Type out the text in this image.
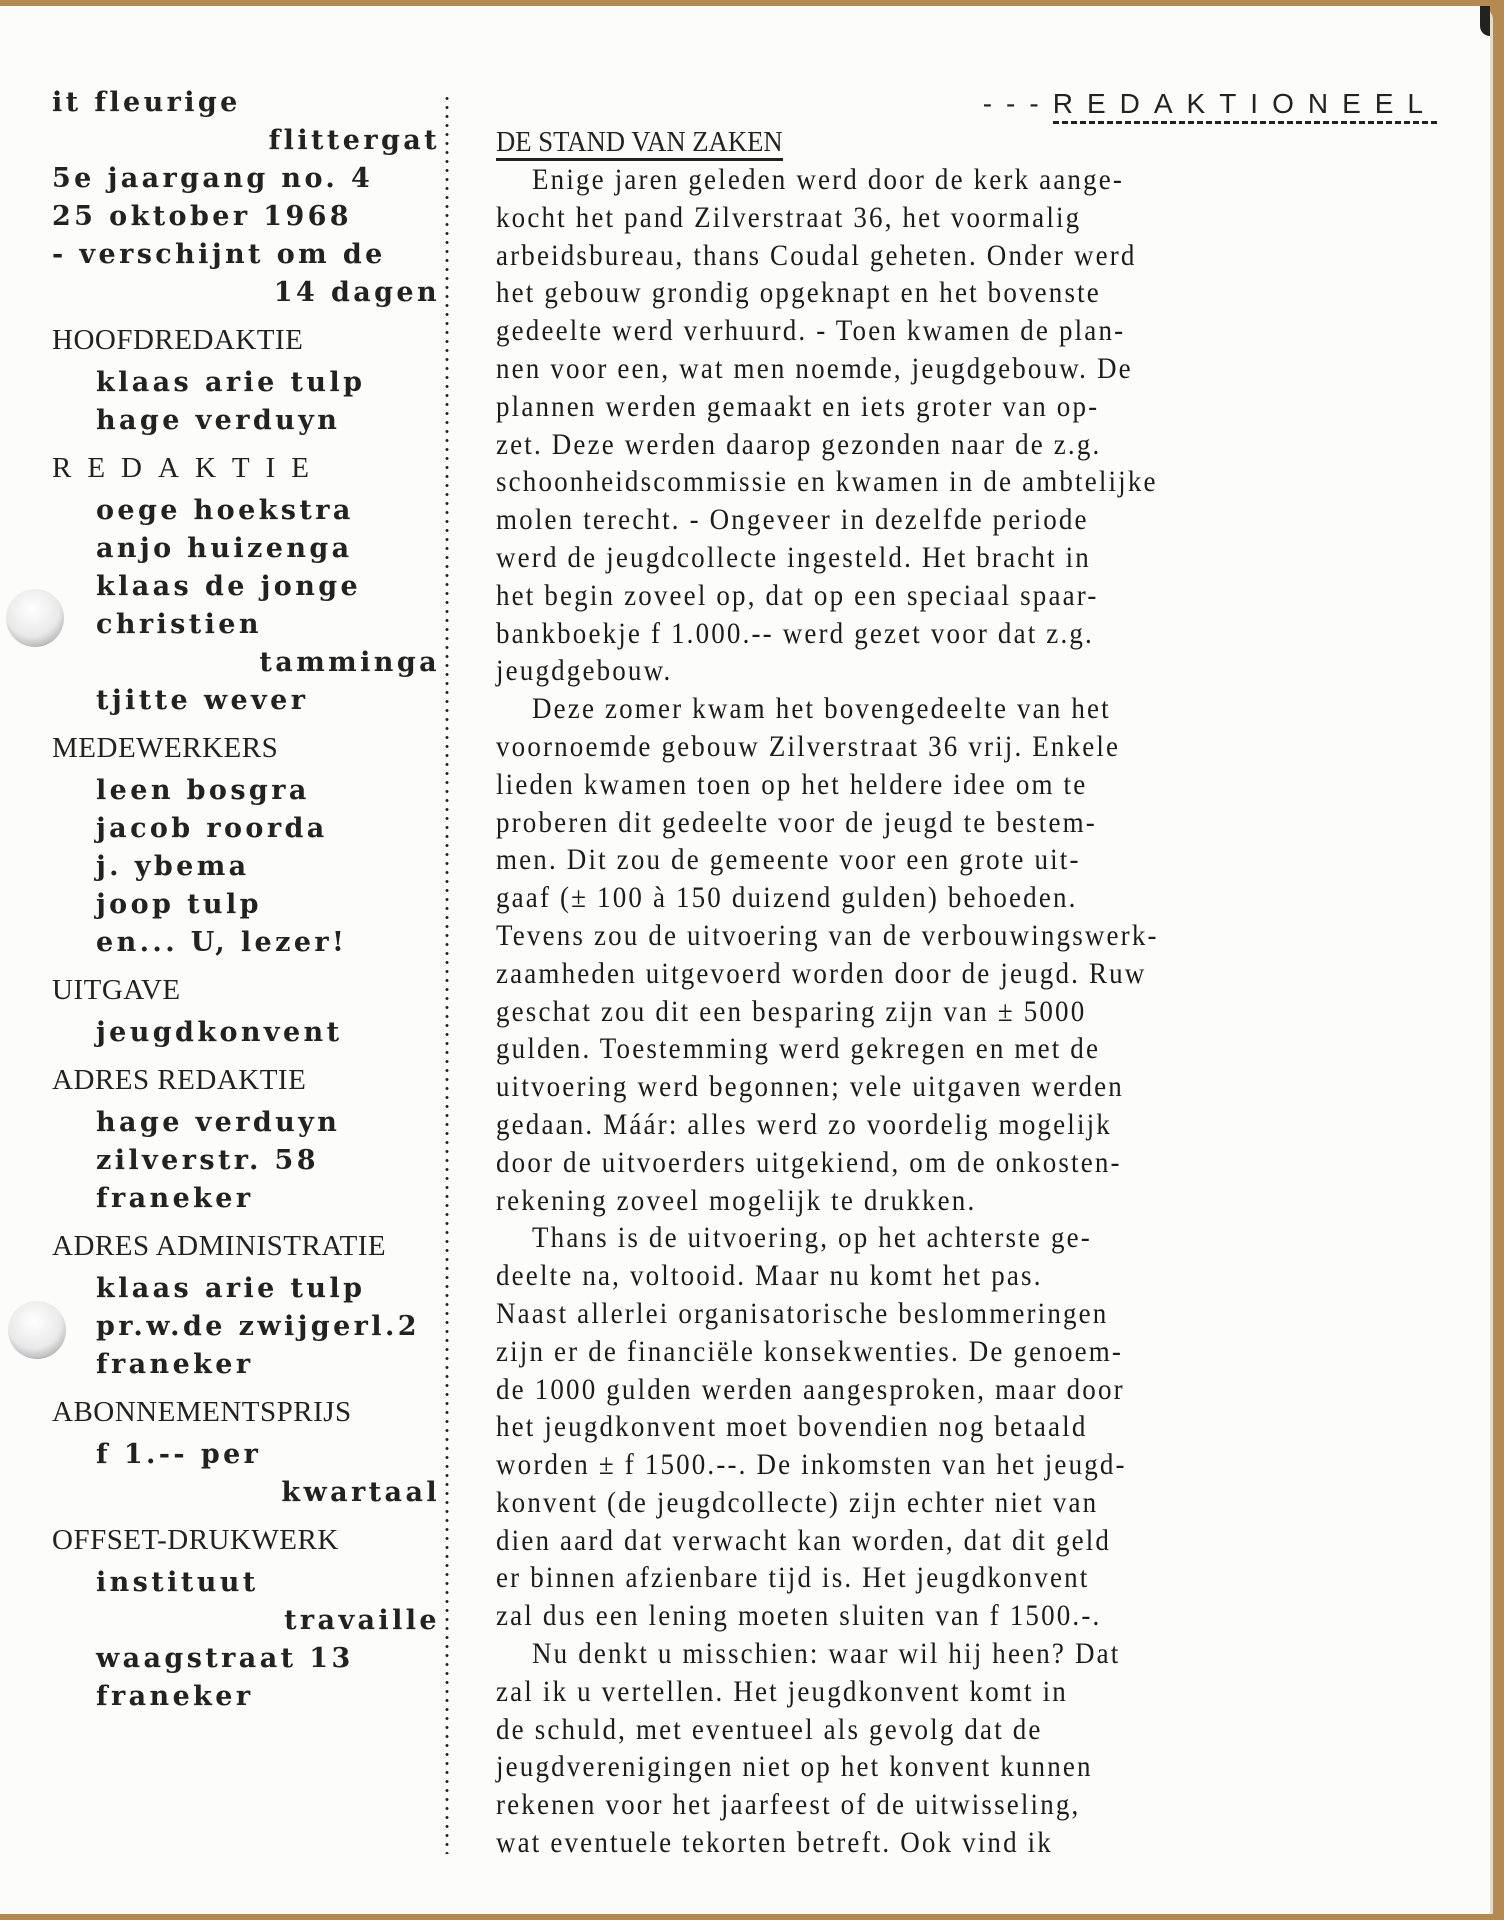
it fleurige
flittergat
5e jaargang no. 4
25 oktober 1968
- verschijnt om de
14 dagen
HOOFDREDAKTIE
klaas arie tulp
hage verduyn
REDAKTIE
oege hoekstra
anjo huizenga
klaas de jonge
christien
tamminga
tjitte wever
MEDEWERKERS
leen bosgra
jacob roorda
j. ybema
joop tulp
en... U, lezer!
UITGAVE
jeugdkonvent
ADRES REDAKTIE
hage verduyn
zilverstr. 58
franeker
ADRES ADMINISTRATIE
klaas arie tulp
pr.w.de zwijgerl.2
franeker
ABONNEMENTSPRIJS
f 1.-- per
kwartaal
OFFSET-DRUKWERK
instituut
travaille
waagstraat 13
franeker
---REDAKTIONEEL
DE STAND VAN ZAKEN
Enige jaren geleden werd door de kerk aange-
kocht het pand Zilverstraat 36, het voormalig
arbeidsbureau, thans Coudal geheten. Onder werd
het gebouw grondig opgeknapt en het bovenste
gedeelte werd verhuurd. - Toen kwamen de plan-
nen voor een, wat men noemde, jeugdgebouw. De
plannen werden gemaakt en iets groter van op-
zet. Deze werden daarop gezonden naar de z.g.
schoonheidscommissie en kwamen in de ambtelijke
molen terecht. - Ongeveer in dezelfde periode
werd de jeugdcollecte ingesteld. Het bracht in
het begin zoveel op, dat op een speciaal spaar-
bankboekje f 1.000.-- werd gezet voor dat z.g.
jeugdgebouw.
Deze zomer kwam het bovengedeelte van het
voornoemde gebouw Zilverstraat 36 vrij. Enkele
lieden kwamen toen op het heldere idee om te
proberen dit gedeelte voor de jeugd te bestem-
men. Dit zou de gemeente voor een grote uit-
gaaf (± 100 à 150 duizend gulden) behoeden.
Tevens zou de uitvoering van de verbouwingswerk-
zaamheden uitgevoerd worden door de jeugd. Ruw
geschat zou dit een besparing zijn van ± 5000
gulden. Toestemming werd gekregen en met de
uitvoering werd begonnen; vele uitgaven werden
gedaan. Máár: alles werd zo voordelig mogelijk
door de uitvoerders uitgekiend, om de onkosten-
rekening zoveel mogelijk te drukken.
Thans is de uitvoering, op het achterste ge-
deelte na, voltooid. Maar nu komt het pas.
Naast allerlei organisatorische beslommeringen
zijn er de financiële konsekwenties. De genoem-
de 1000 gulden werden aangesproken, maar door
het jeugdkonvent moet bovendien nog betaald
worden ± f 1500.--. De inkomsten van het jeugd-
konvent (de jeugdcollecte) zijn echter niet van
dien aard dat verwacht kan worden, dat dit geld
er binnen afzienbare tijd is. Het jeugdkonvent
zal dus een lening moeten sluiten van f 1500.-.
Nu denkt u misschien: waar wil hij heen? Dat
zal ik u vertellen. Het jeugdkonvent komt in
de schuld, met eventueel als gevolg dat de
jeugdverenigingen niet op het konvent kunnen
rekenen voor het jaarfeest of de uitwisseling,
wat eventuele tekorten betreft. Ook vind ik
